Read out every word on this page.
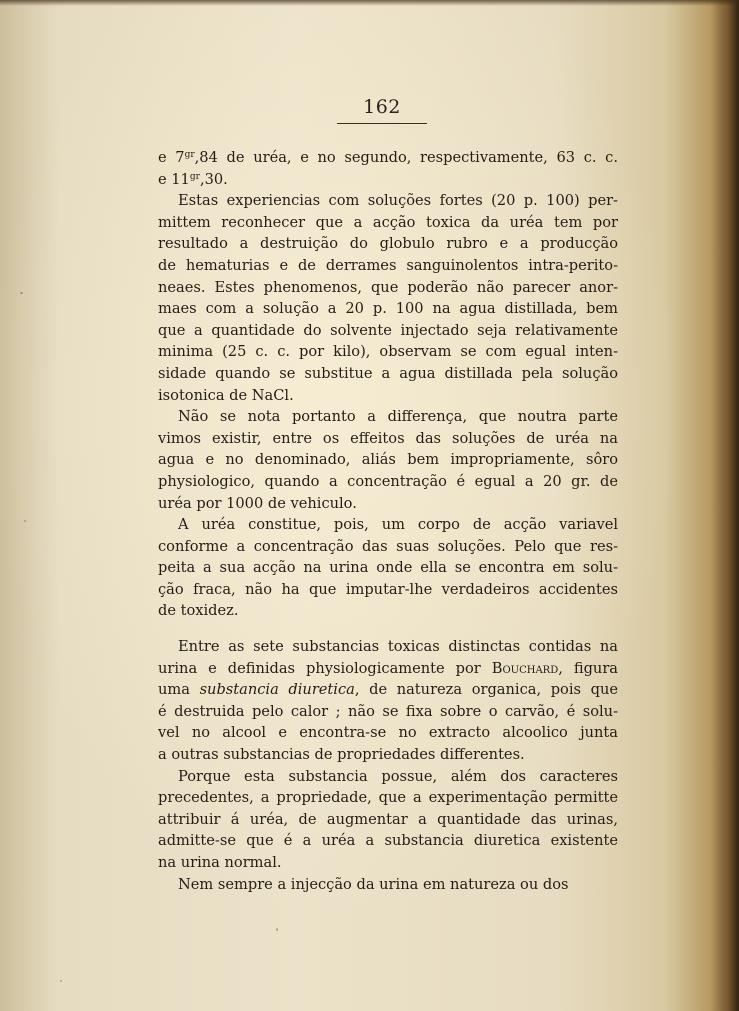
162
e $7^{gr},84$ de uréa, e no segundo, respectivamente, 63 c. c.
e $11^{gr},30$.
Estas experiencias com soluções fortes (20 p. 100) per-
mittem reconhecer que a acção toxica da uréa tem por
resultado a destruição do globulo rubro e a producção
de hematurias e de derrames sanguinolentos intra-perito-
neaes. Estes phenomenos, que poderão não parecer anor-
maes com a solução a 20 p. 100 na agua distillada, bem
que a quantidade do solvente injectado seja relativamente
minima (25 c. c. por kilo), observam se com egual inten-
sidade quando se substitue a agua distillada pela solução
isotonica de NaCl.
Não se nota portanto a differença, que noutra parte
vimos existir, entre os effeitos das soluções de uréa na
agua e no denominado, aliás bem impropriamente, sôro
physiologico, quando a concentração é egual a 20 gr. de
uréa por 1000 de vehiculo.
A uréa constitue, pois, um corpo de acção variavel
conforme a concentração das suas soluções. Pelo que res-
peita a sua acção na urina onde ella se encontra em solu-
ção fraca, não ha que imputar-lhe verdadeiros accidentes
de toxidez.
Entre as sete substancias toxicas distinctas contidas na
urina e definidas physiologicamente por Bouchard, figura
uma substancia diuretica, de natureza organica, pois que
é destruida pelo calor ; não se fixa sobre o carvão, é solu-
vel no alcool e encontra-se no extracto alcoolico junta
a outras substancias de propriedades differentes.
Porque esta substancia possue, além dos caracteres
precedentes, a propriedade, que a experimentação permitte
attribuir á uréa, de augmentar a quantidade das urinas,
admitte-se que é a uréa a substancia diuretica existente
na urina normal.
Nem sempre a injecção da urina em natureza ou dos
